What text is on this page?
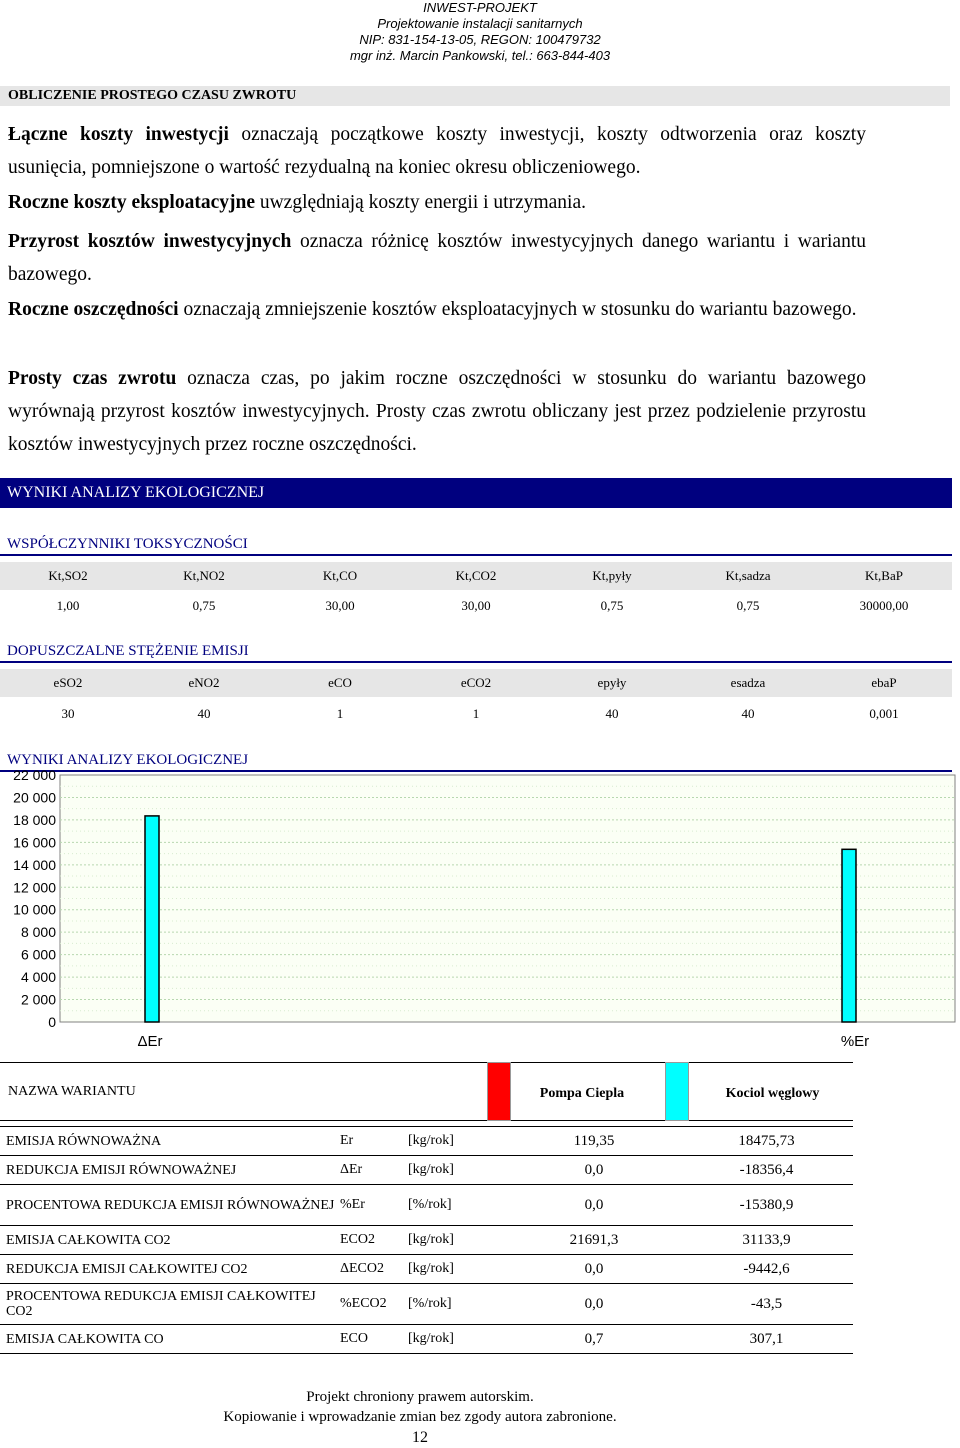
INWEST-PROJEKT
Projektowanie instalacji sanitarnych
NIP: 831-154-13-05, REGON: 100479732
mgr inż. Marcin Pankowski, tel.: 663-844-403
OBLICZENIE PROSTEGO CZASU ZWROTU
Łączne koszty inwestycji oznaczają początkowe koszty inwestycji, koszty odtworzenia oraz koszty usunięcia, pomniejszone o wartość rezydualną na koniec okresu obliczeniowego.
Roczne koszty eksploatacyjne uwzględniają koszty energii i utrzymania.
Przyrost kosztów inwestycyjnych oznacza różnicę kosztów inwestycyjnych danego wariantu i wariantu bazowego.
Roczne oszczędności oznaczają zmniejszenie kosztów eksploatacyjnych w stosunku do wariantu bazowego.
Prosty czas zwrotu oznacza czas, po jakim roczne oszczędności w stosunku do wariantu bazowego wyrównają przyrost kosztów inwestycyjnych. Prosty czas zwrotu obliczany jest przez podzielenie przyrostu kosztów inwestycyjnych przez roczne oszczędności.
WYNIKI ANALIZY EKOLOGICZNEJ
WSPÓŁCZYNNIKI TOKSYCZNOŚCI
Kt,SO2	Kt,NO2	Kt,CO	Kt,CO2	Kt,pyły	Kt,sadza	Kt,BaP
1,00	0,75	30,00	30,00	0,75	0,75	30000,00
DOPUSZCZALNE STĘŻENIE EMISJI
eSO2	eNO2	eCO	eCO2	epyły	esadza	ebaP
30	40	1	1	40	40	0,001
WYNIKI ANALIZY EKOLOGICZNEJ
0
2 000
4 000
6 000
8 000
10 000
12 000
14 000
16 000
18 000
20 000
22 000
ΔEr	%Er
NAZWA WARIANTU	Pompa Ciepla	Kociol węglowy
EMISJA RÓWNOWAŻNA	Er	[kg/rok]	119,35	18475,73
REDUKCJA EMISJI RÓWNOWAŻNEJ	ΔEr	[kg/rok]	0,0	-18356,4
PROCENTOWA REDUKCJA EMISJI RÓWNOWAŻNEJ	%Er	[%/rok]	0,0	-15380,9
EMISJA CAŁKOWITA CO2	ECO2	[kg/rok]	21691,3	31133,9
REDUKCJA EMISJI CAŁKOWITEJ CO2	ΔECO2	[kg/rok]	0,0	-9442,6
PROCENTOWA REDUKCJA EMISJI CAŁKOWITEJ CO2	%ECO2	[%/rok]	0,0	-43,5
EMISJA CAŁKOWITA CO	ECO	[kg/rok]	0,7	307,1
Projekt chroniony prawem autorskim.
Kopiowanie i wprowadzanie zmian bez zgody autora zabronione.
12
